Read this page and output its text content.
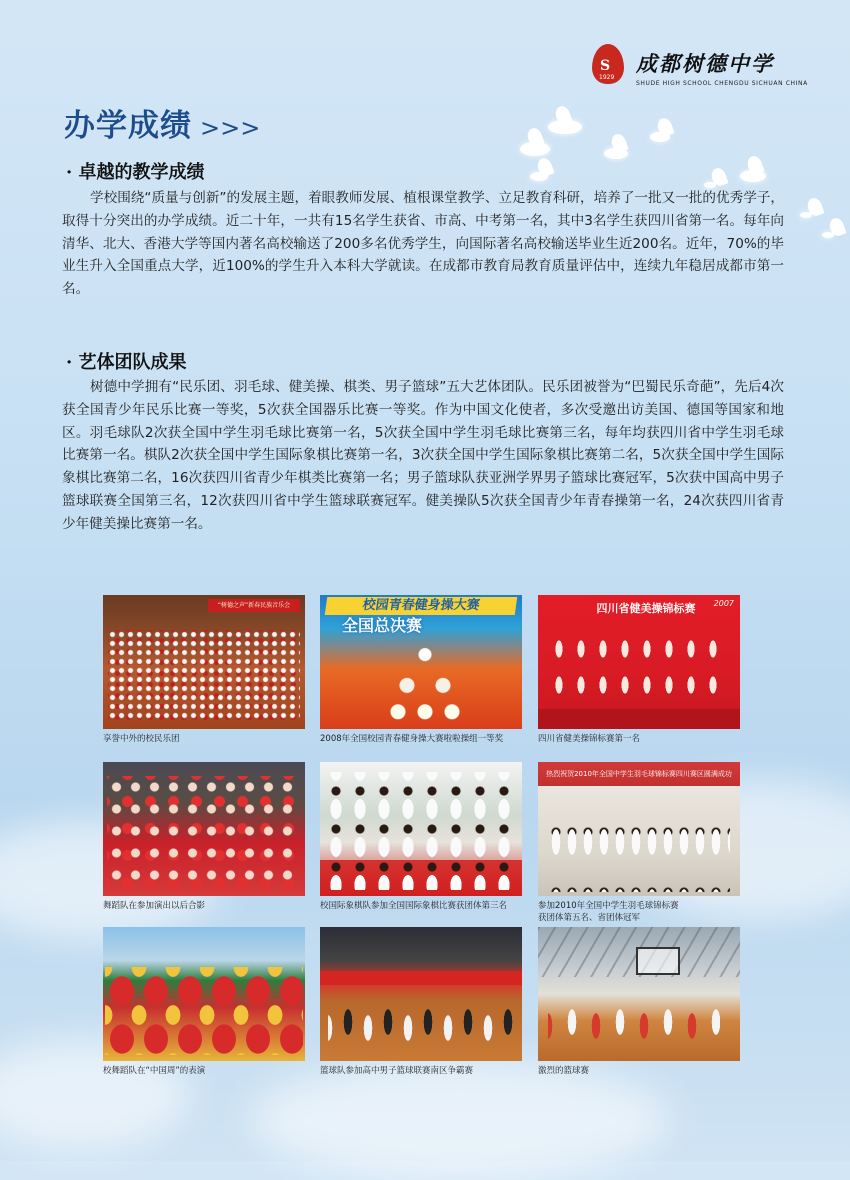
S
1929
成都树德中学
SHUDE HIGH SCHOOL CHENGDU SICHUAN CHINA
办学成绩 >>>
· 卓越的教学成绩

学校围绕“质量与创新”的发展主题，着眼教师发展、植根课堂教学、立足教育科研，培养了一批又一批的优秀学子，取得十分突出的办学成绩。近二十年，一共有15名学生获省、市高、中考第一名，其中3名学生获四川省第一名。每年向清华、北大、香港大学等国内著名高校输送了200多名优秀学生，向国际著名高校输送毕业生近200名。近年，70%的毕业生升入全国重点大学，近100%的学生升入本科大学就读。在成都市教育局教育质量评估中，连续九年稳居成都市第一名。

· 艺体团队成果

树德中学拥有“民乐团、羽毛球、健美操、棋类、男子篮球”五大艺体团队。民乐团被誉为“巴蜀民乐奇葩”，先后4次获全国青少年民乐比赛一等奖，5次获全国器乐比赛一等奖。作为中国文化使者，多次受邀出访美国、德国等国家和地区。羽毛球队2次获全国中学生羽毛球比赛第一名，5次获全国中学生羽毛球比赛第三名，每年均获四川省中学生羽毛球比赛第一名。棋队2次获全国中学生国际象棋比赛第一名，3次获全国中学生国际象棋比赛第二名，5次获全国中学生国际象棋比赛第二名，16次获四川省青少年棋类比赛第一名；男子篮球队获亚洲学界男子篮球比赛冠军，5次获中国高中男子篮球联赛全国第三名，12次获四川省中学生篮球联赛冠军。健美操队5次获全国青少年青春操第一名，24次获四川省青少年健美操比赛第一名。

“树德之声”新春民族音乐会
享誉中外的校民乐团
校园青春健身操大赛
全国总决赛
2008年全国校园青春健身操大赛啦啦操组一等奖
四川省健美操锦标赛	2007
四川省健美操锦标赛第一名
舞蹈队在参加演出以后合影	校国际象棋队参加全国国际象棋比赛获团体第三名
热烈祝贺2010年全国中学生羽毛球锦标赛四川赛区圆满成功
参加2010年全国中学生羽毛球锦标赛
获团体第五名、省团体冠军
校舞蹈队在“中国周”的表演	篮球队参加高中男子篮球联赛南区争霸赛	激烈的篮球赛
